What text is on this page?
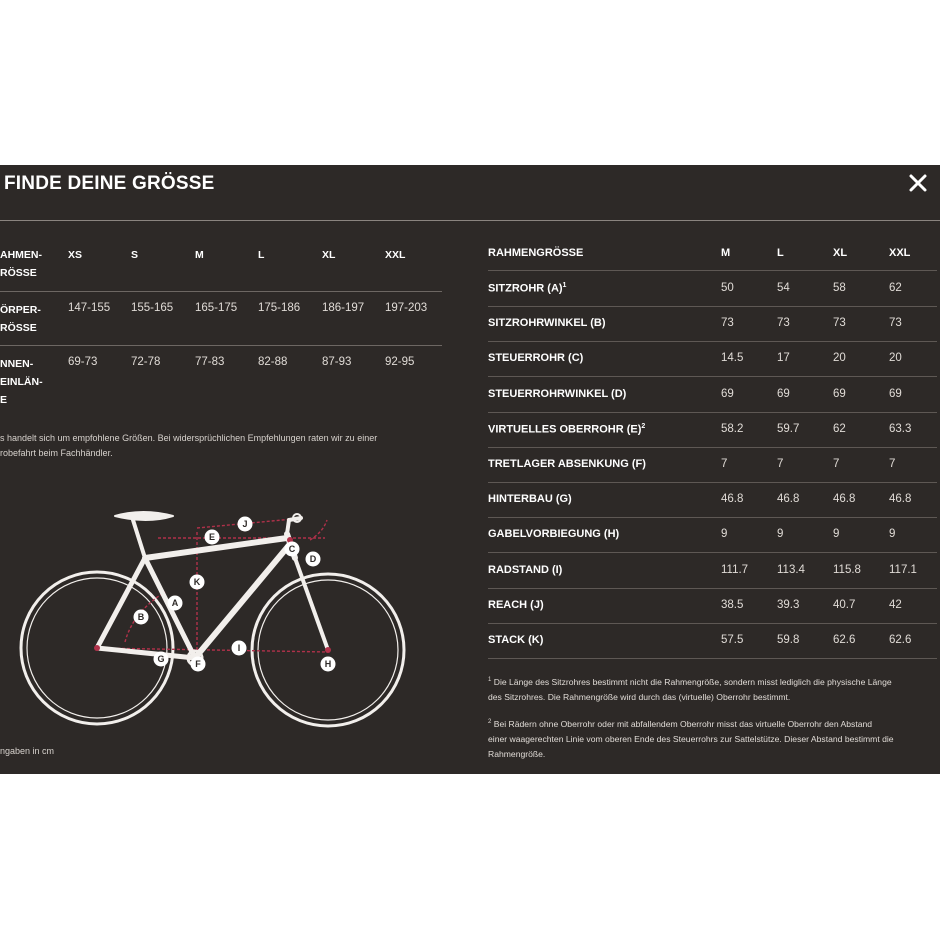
FINDE DEINE GRÖSSE
AHMEN-
RÖSSE
XS	S	M	L	XL	XXL
ÖRPER-
RÖSSE
147-155 155-165 165-175 175-186 186-197 197-203
NNEN-
EINLÄN-
E
69-73	72-78	77-83	82-88	87-93	92-95
s handelt sich um empfohlene Größen. Bei widersprüchlichen Empfehlungen raten wir zu einer
robefahrt beim Fachhändler.
A
B
C
D
E
F
G	H
I
J
K
ngaben in cm
RAHMENGRÖSSE	M	L	XL	XXL
SITZROHR $(A)^1$	50	54	58	62
SITZROHRWINKEL (B)	73	73	73	73
STEUERROHR (C)	14.5	17	20	20
STEUERROHRWINKEL (D)	69	69	69	69
VIRTUELLES OBERROHR $(E)^2$	58.2	59.7	62	63.3
TRETLAGER ABSENKUNG (F)	7	7	7	7
HINTERBAU (G)	46.8	46.8	46.8	46.8
GABELVORBIEGUNG (H)	9	9	9	9
RADSTAND (I)	111.7	113.4 115.8 117.1
REACH (J)	38.5	39.3	40.7	42
STACK (K)	57.5	59.8	62.6	62.6
$^1$ Die Länge des Sitzrohres bestimmt nicht die Rahmengröße, sondern misst lediglich die physische Länge
des Sitzrohres. Die Rahmengröße wird durch das (virtuelle) Oberrohr bestimmt.
$^2$ Bei Rädern ohne Oberrohr oder mit abfallendem Oberrohr misst das virtuelle Oberrohr den Abstand
einer waagerechten Linie vom oberen Ende des Steuerrohrs zur Sattelstütze. Dieser Abstand bestimmt die
Rahmengröße.
